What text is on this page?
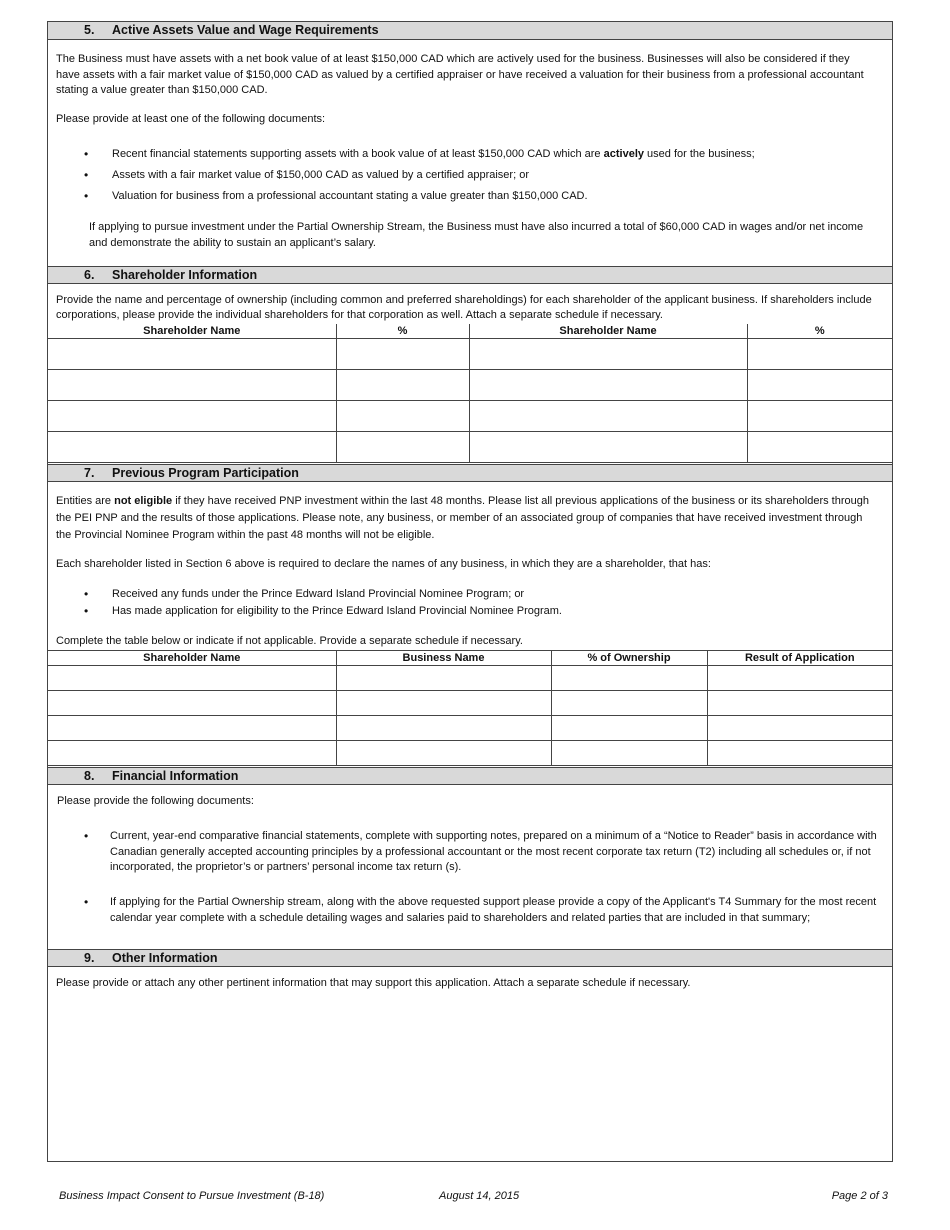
5. Active Assets Value and Wage Requirements
The Business must have assets with a net book value of at least $150,000 CAD which are actively used for the business. Businesses will also be considered if they have assets with a fair market value of $150,000 CAD as valued by a certified appraiser or have received a valuation for their business from a professional accountant stating a value greater than $150,000 CAD.
Please provide at least one of the following documents:
• Recent financial statements supporting assets with a book value of at least $150,000 CAD which are actively used for the business;
• Assets with a fair market value of $150,000 CAD as valued by a certified appraiser; or
• Valuation for business from a professional accountant stating a value greater than $150,000 CAD.
If applying to pursue investment under the Partial Ownership Stream, the Business must have also incurred a total of $60,000 CAD in wages and/or net income and demonstrate the ability to sustain an applicant’s salary.
6. Shareholder Information
Provide the name and percentage of ownership (including common and preferred shareholdings) for each shareholder of the applicant business. If shareholders include corporations, please provide the individual shareholders for that corporation as well. Attach a separate schedule if necessary.
Shareholder Name	%	Shareholder Name	%

7. Previous Program Participation
Entities are not eligible if they have received PNP investment within the last 48 months. Please list all previous applications of the business or its shareholders through the PEI PNP and the results of those applications. Please note, any business, or member of an associated group of companies that have received investment through the Provincial Nominee Program within the past 48 months will not be eligible.
Each shareholder listed in Section 6 above is required to declare the names of any business, in which they are a shareholder, that has:
• Received any funds under the Prince Edward Island Provincial Nominee Program; or
• Has made application for eligibility to the Prince Edward Island Provincial Nominee Program.
Complete the table below or indicate if not applicable. Provide a separate schedule if necessary.
Shareholder Name	Business Name	% of Ownership	Result of Application

8. Financial Information
Please provide the following documents:
• Current, year-end comparative financial statements, complete with supporting notes, prepared on a minimum of a “Notice to Reader” basis in accordance with Canadian generally accepted accounting principles by a professional accountant or the most recent corporate tax return (T2) including all schedules or, if not incorporated, the proprietor’s or partners’ personal income tax return (s).
• If applying for the Partial Ownership stream, along with the above requested support please provide a copy of the Applicant's T4 Summary for the most recent calendar year complete with a schedule detailing wages and salaries paid to shareholders and related parties that are included in that summary;
9. Other Information
Please provide or attach any other pertinent information that may support this application. Attach a separate schedule if necessary.
Business Impact Consent to Pursue Investment (B-18)	August 14, 2015	Page 2 of 3
